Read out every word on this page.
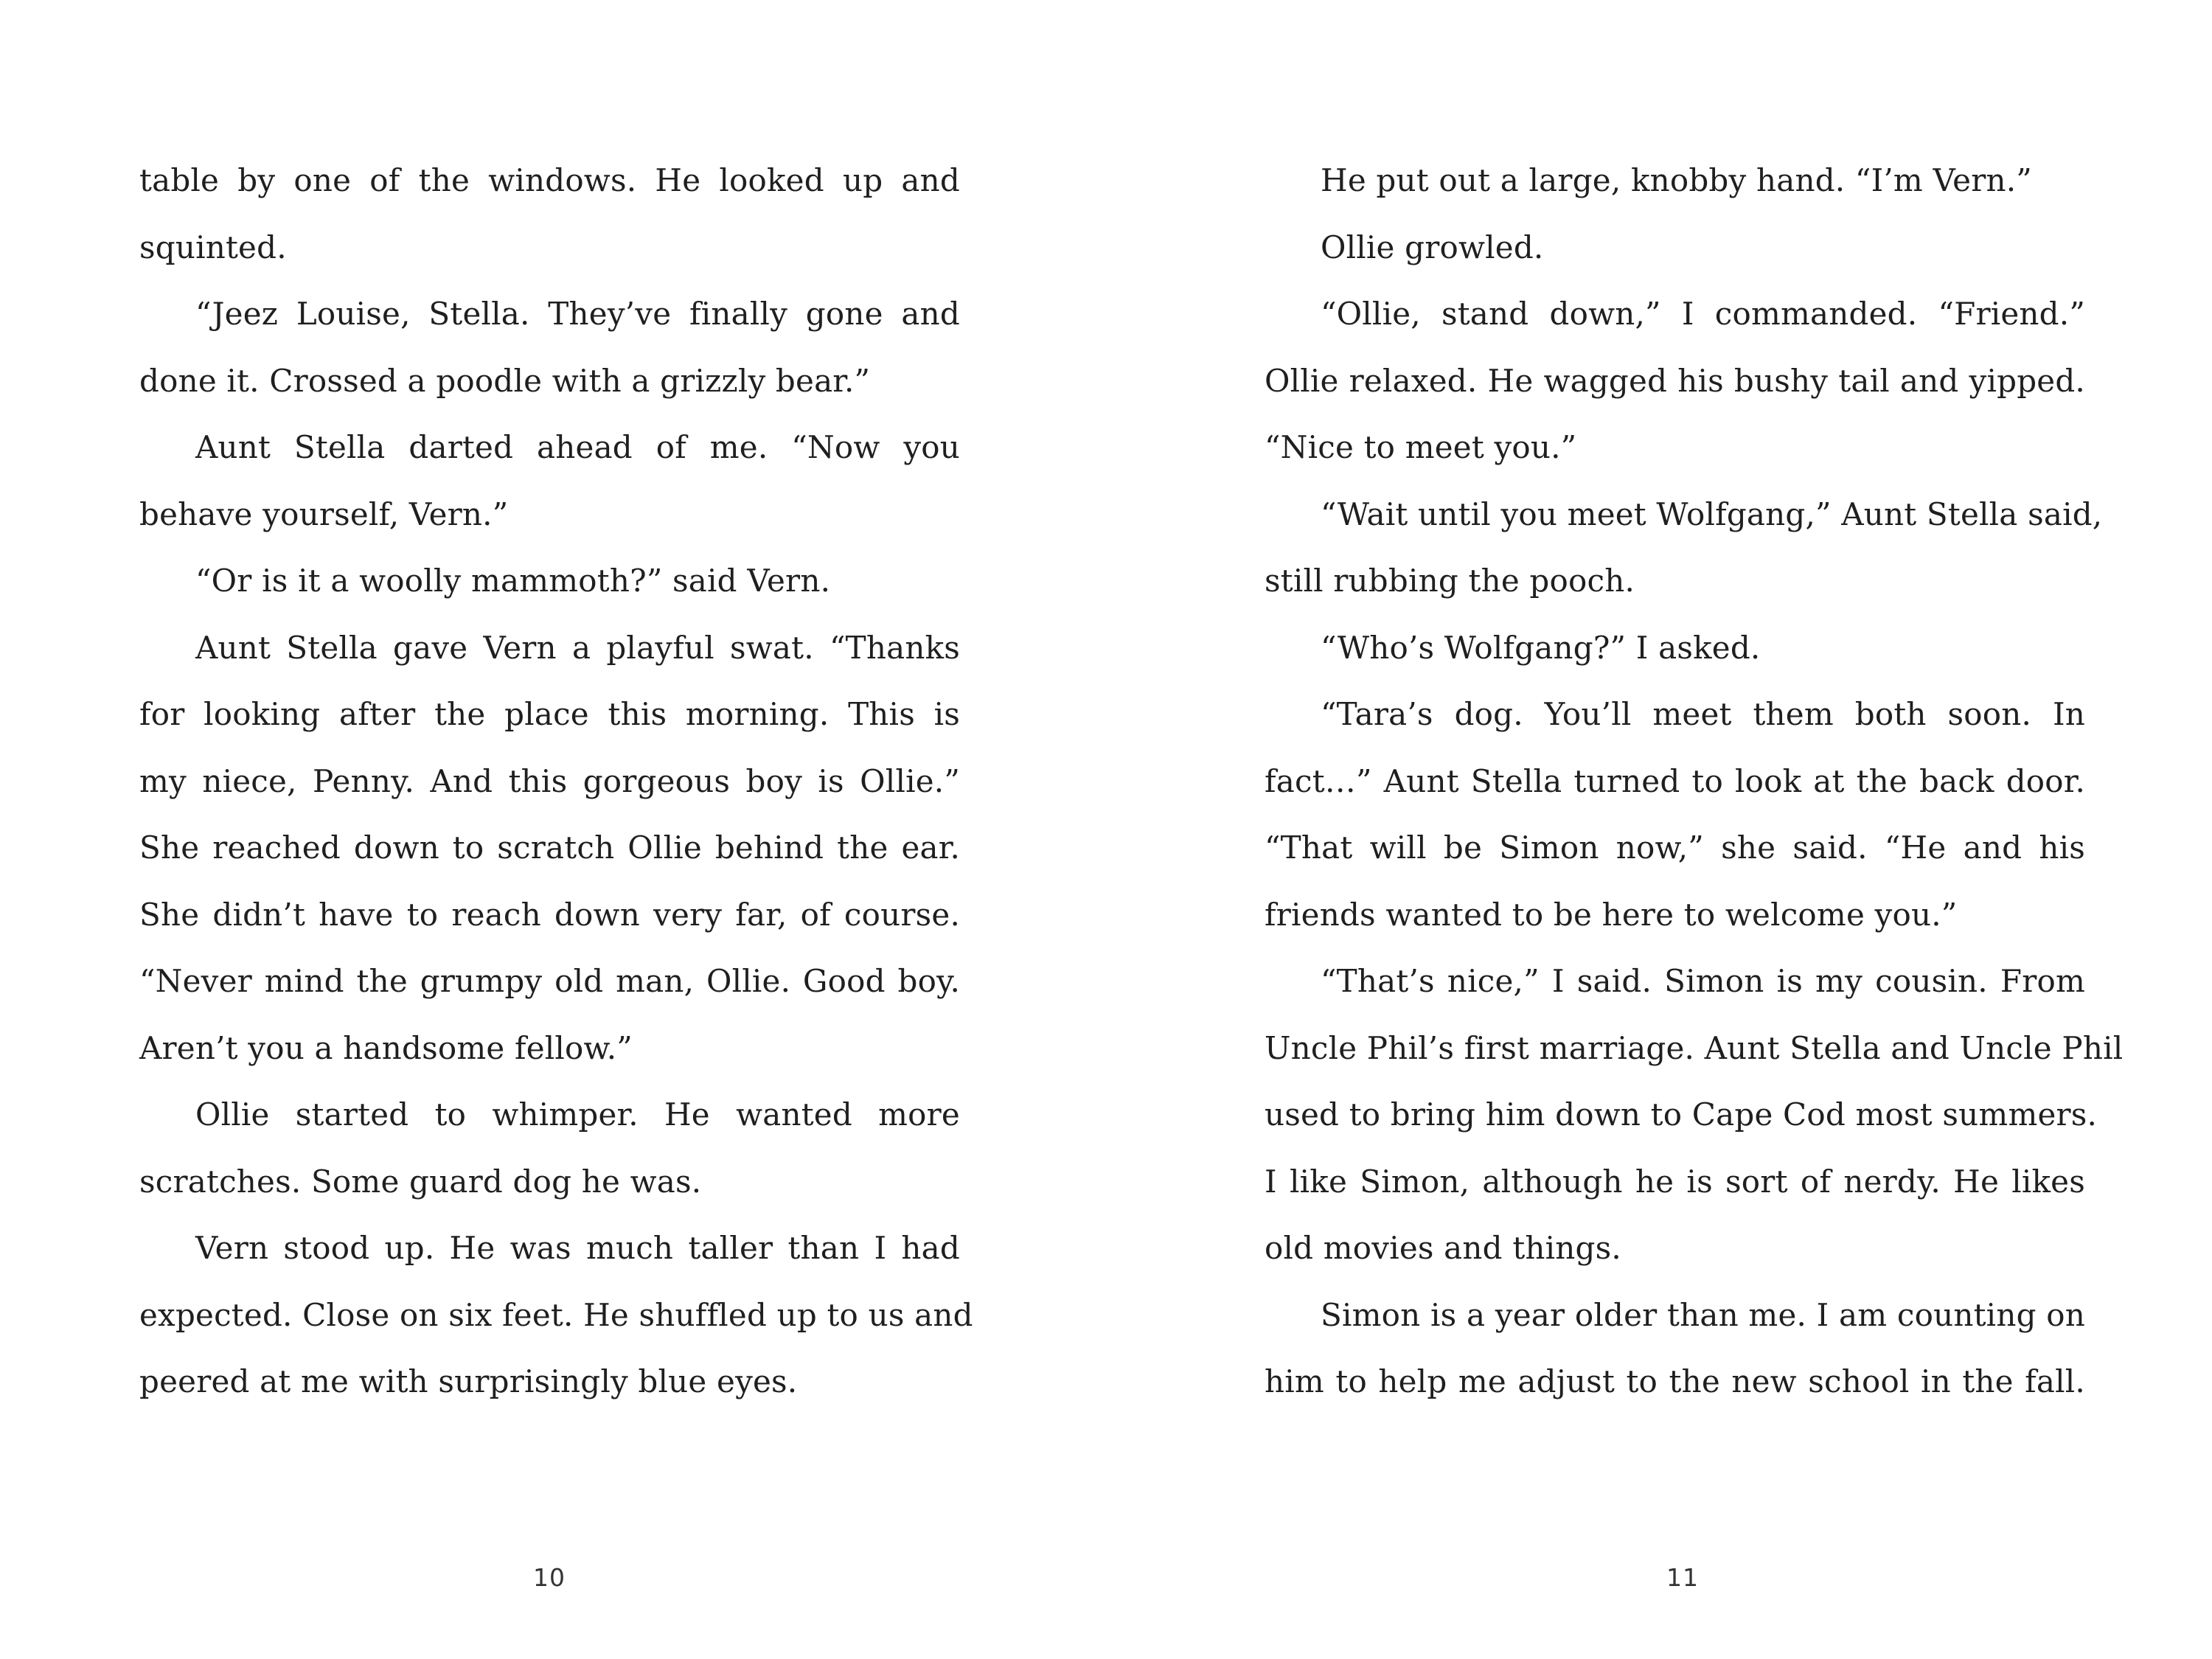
table by one of the windows. He looked up and
squinted.
“Jeez Louise, Stella. They’ve finally gone and
done it. Crossed a poodle with a grizzly bear.”
Aunt Stella darted ahead of me. “Now you
behave yourself, Vern.”
“Or is it a woolly mammoth?” said Vern.
Aunt Stella gave Vern a playful swat. “Thanks
for looking after the place this morning. This is
my niece, Penny. And this gorgeous boy is Ollie.”
She reached down to scratch Ollie behind the ear.
She didn’t have to reach down very far, of course.
“Never mind the grumpy old man, Ollie. Good boy.
Aren’t you a handsome fellow.”
Ollie started to whimper. He wanted more
scratches. Some guard dog he was.
Vern stood up. He was much taller than I had
expected. Close on six feet. He shuffled up to us and
peered at me with surprisingly blue eyes.
10
He put out a large, knobby hand. “I’m Vern.”
Ollie growled.
“Ollie, stand down,” I commanded. “Friend.”
Ollie relaxed. He wagged his bushy tail and yipped.
“Nice to meet you.”
“Wait until you meet Wolfgang,” Aunt Stella said,
still rubbing the pooch.
“Who’s Wolfgang?” I asked.
“Tara’s dog. You’ll meet them both soon. In
fact…” Aunt Stella turned to look at the back door.
“That will be Simon now,” she said. “He and his
friends wanted to be here to welcome you.”
“That’s nice,” I said. Simon is my cousin. From
Uncle Phil’s first marriage. Aunt Stella and Uncle Phil
used to bring him down to Cape Cod most summers.
I like Simon, although he is sort of nerdy. He likes
old movies and things.
Simon is a year older than me. I am counting on
him to help me adjust to the new school in the fall.
11
